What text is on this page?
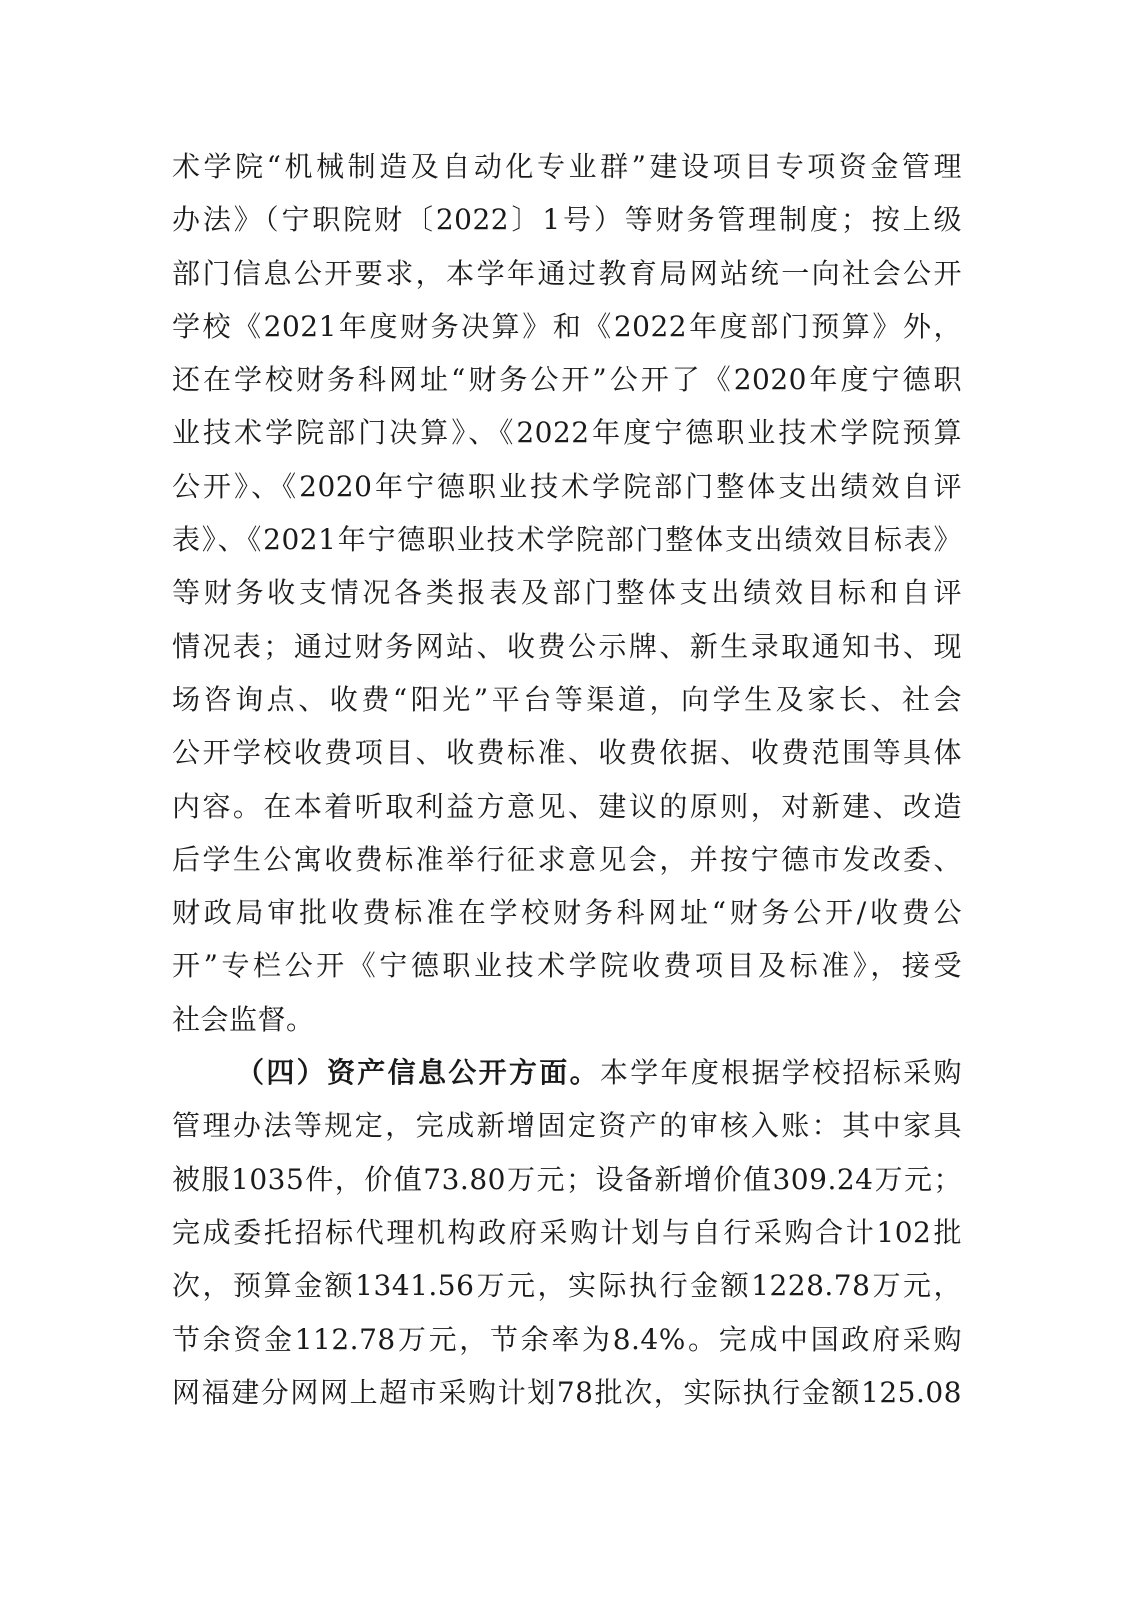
术学院“机械制造及自动化专业群”建设项目专项资金管理
办法》（宁职院财〔2022〕1号）等财务管理制度；按上级
部门信息公开要求，本学年通过教育局网站统一向社会公开
学校《2021年度财务决算》和《2022年度部门预算》外，
还在学校财务科网址“财务公开”公开了《2020年度宁德职
业技术学院部门决算》、《2022年度宁德职业技术学院预算
公开》、《2020年宁德职业技术学院部门整体支出绩效自评
表》、《2021年宁德职业技术学院部门整体支出绩效目标表》
等财务收支情况各类报表及部门整体支出绩效目标和自评
情况表；通过财务网站、收费公示牌、新生录取通知书、现
场咨询点、收费“阳光”平台等渠道，向学生及家长、社会
公开学校收费项目、收费标准、收费依据、收费范围等具体
内容。在本着听取利益方意见、建议的原则，对新建、改造
后学生公寓收费标准举行征求意见会，并按宁德市发改委、
财政局审批收费标准在学校财务科网址“财务公开/收费公
开”专栏公开《宁德职业技术学院收费项目及标准》，接受
社会监督。
（四）资产信息公开方面。本学年度根据学校招标采购
管理办法等规定，完成新增固定资产的审核入账：其中家具
被服1035件，价值73.80万元；设备新增价值309.24万元；
完成委托招标代理机构政府采购计划与自行采购合计102批
次，预算金额1341.56万元，实际执行金额1228.78万元，
节余资金112.78万元，节余率为8.4%。完成中国政府采购
网福建分网网上超市采购计划78批次，实际执行金额125.08
